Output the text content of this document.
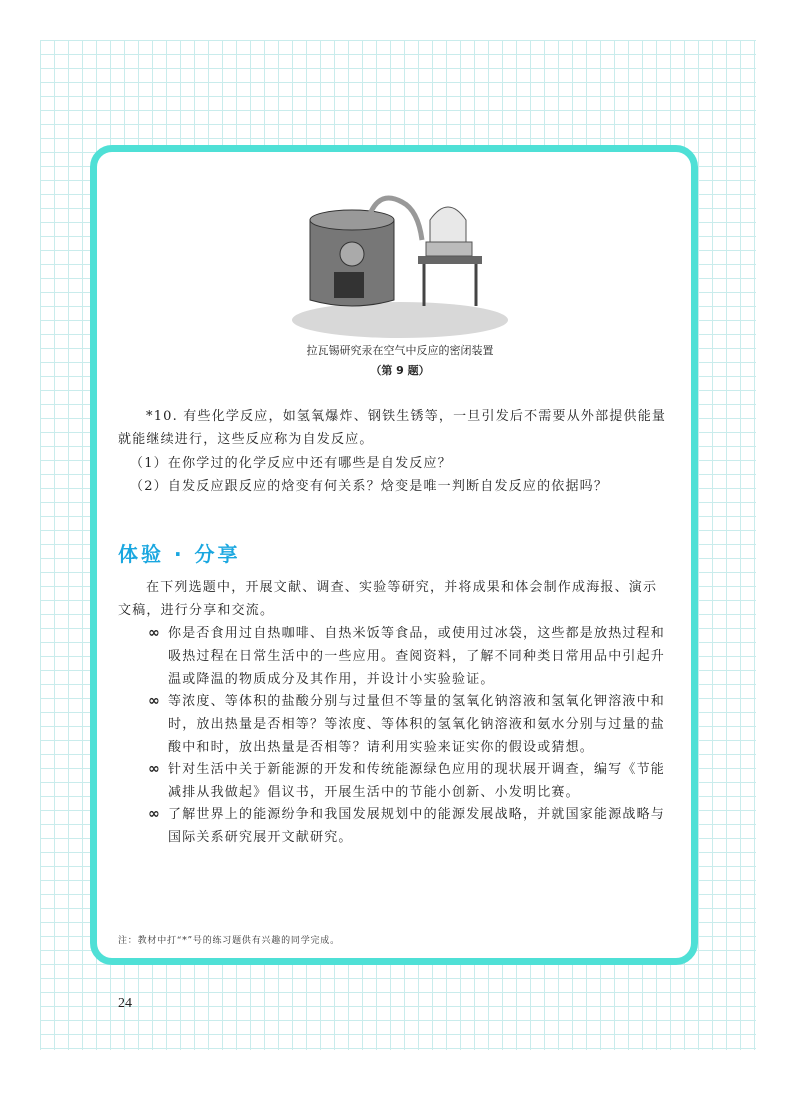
拉瓦锡研究汞在空气中反应的密闭装置
（第 9 题）
*10. 有些化学反应，如氢氧爆炸、钢铁生锈等，一旦引发后不需要从外部提供能量
就能继续进行，这些反应称为自发反应。
（1）在你学过的化学反应中还有哪些是自发反应？
（2）自发反应跟反应的焓变有何关系？焓变是唯一判断自发反应的依据吗？
体验 · 分享
在下列选题中，开展文献、调查、实验等研究，并将成果和体会制作成海报、演示
文稿，进行分享和交流。
∞ 你是否食用过自热咖啡、自热米饭等食品，或使用过冰袋，这些都是放热过程和
吸热过程在日常生活中的一些应用。查阅资料，了解不同种类日常用品中引起升
温或降温的物质成分及其作用，并设计小实验验证。
∞ 等浓度、等体积的盐酸分别与过量但不等量的氢氧化钠溶液和氢氧化钾溶液中和
时，放出热量是否相等？等浓度、等体积的氢氧化钠溶液和氨水分别与过量的盐
酸中和时，放出热量是否相等？请利用实验来证实你的假设或猜想。
∞ 针对生活中关于新能源的开发和传统能源绿色应用的现状展开调查，编写《节能
减排从我做起》倡议书，开展生活中的节能小创新、小发明比赛。
∞ 了解世界上的能源纷争和我国发展规划中的能源发展战略，并就国家能源战略与
国际关系研究展开文献研究。
注：教材中打“*”号的练习题供有兴趣的同学完成。
24
